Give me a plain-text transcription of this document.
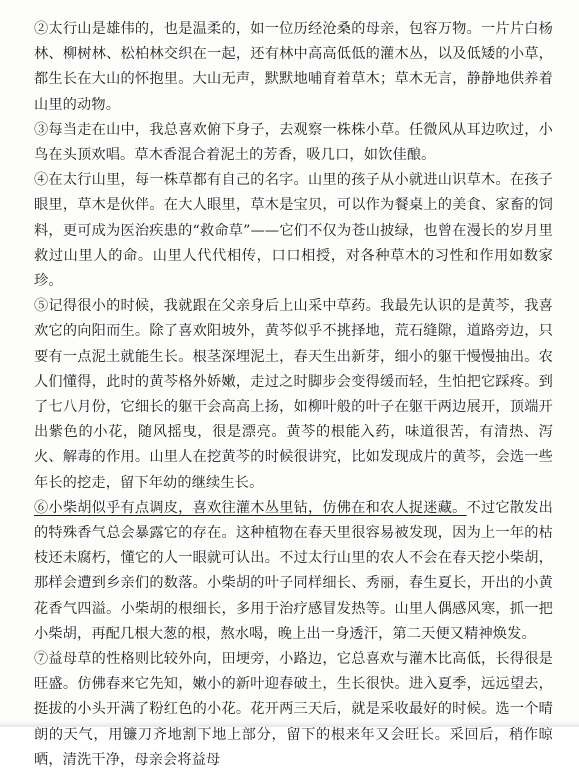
②太行山是雄伟的，也是温柔的，如一位历经沧桑的母亲，包容万物。一片片白杨林、柳树林、松柏林交织在一起，还有林中高高低低的灌木丛，以及低矮的小草，都生长在大山的怀抱里。大山无声，默默地哺育着草木；草木无言，静静地供养着山里的动物。

③每当走在山中，我总喜欢俯下身子，去观察一株株小草。任微风从耳边吹过，小鸟在头顶欢唱。草木香混合着泥土的芳香，吸几口，如饮佳酿。

④在太行山里，每一株草都有自己的名字。山里的孩子从小就进山识草木。在孩子眼里，草木是伙伴。在大人眼里，草木是宝贝，可以作为餐桌上的美食、家畜的饲料，更可成为医治疾患的“救命草”——它们不仅为苍山披绿，也曾在漫长的岁月里救过山里人的命。山里人代代相传，口口相授，对各种草木的习性和作用如数家珍。

⑤记得很小的时候，我就跟在父亲身后上山采中草药。我最先认识的是黄芩，我喜欢它的向阳而生。除了喜欢阳坡外，黄芩似乎不挑择地，荒石缝隙，道路旁边，只要有一点泥土就能生长。根茎深埋泥土，春天生出新芽，细小的躯干慢慢抽出。农人们懂得，此时的黄芩格外娇嫩，走过之时脚步会变得缓而轻，生怕把它踩疼。到了七八月份，它细长的躯干会高高上扬，如柳叶般的叶子在躯干两边展开，顶端开出紫色的小花，随风摇曳，很是漂亮。黄芩的根能入药，味道很苦，有清热、泻火、解毒的作用。山里人在挖黄芩的时候很讲究，比如发现成片的黄芩，会选一些年长的挖走，留下年幼的继续生长。

⑥小柴胡似乎有点调皮，喜欢往灌木丛里钻，仿佛在和农人捉迷藏。不过它散发出的特殊香气总会暴露它的存在。这种植物在春天里很容易被发现，因为上一年的枯枝还未腐朽，懂它的人一眼就可认出。不过太行山里的农人不会在春天挖小柴胡，那样会遭到乡亲们的数落。小柴胡的叶子同样细长、秀丽，春生夏长，开出的小黄花香气四溢。小柴胡的根细长，多用于治疗感冒发热等。山里人偶感风寒，抓一把小柴胡，再配几根大葱的根，熬水喝，晚上出一身透汗，第二天便又精神焕发。

⑦益母草的性格则比较外向，田埂旁，小路边，它总喜欢与灌木比高低，长得很是旺盛。仿佛春来它先知，嫩小的新叶迎春破土，生长很快。进入夏季，远远望去，挺拔的小头开满了粉红色的小花。花开两三天后，就是采收最好的时候。选一个晴朗的天气，用镰刀齐地割下地上部分，留下的根来年又会旺长。采回后，稍作晾晒，清洗干净，母亲会将益母
